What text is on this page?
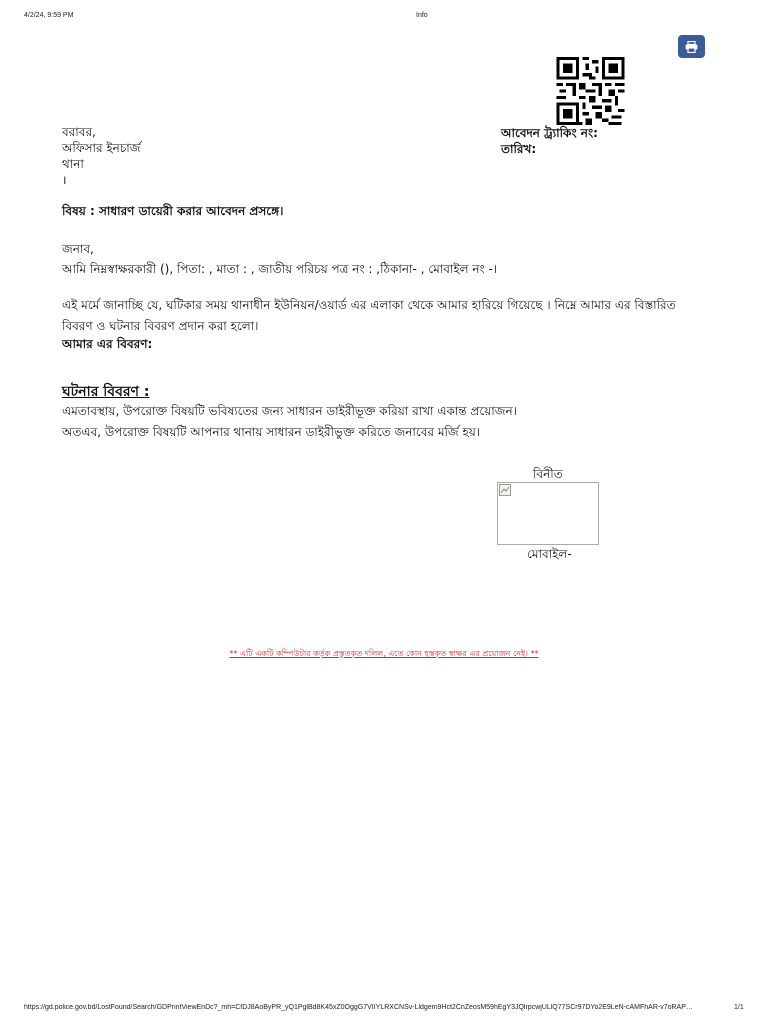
4/2/24, 9:59 PM	Info
বরাবর,
অফিসার ইনচার্জ
থানা
।
আবেদন ট্র্যাকিং নং:
তারিখ:
বিষয় : সাধারণ ডায়েরী করার আবেদন প্রসঙ্গে।
জনাব,
আমি নিম্নস্বাক্ষরকারী (), পিতা: , মাতা : , জাতীয় পরিচয় পত্র নং : ,ঠিকানা- , মোবাইল নং -।
এই মর্মে জানাচ্ছি যে, ঘটিকার সময় থানাধীন ইউনিয়ন/ওয়ার্ড এর এলাকা থেকে আমার হারিয়ে গিয়েছে । নিম্নে আমার এর বিস্তারিত
বিবরণ ও ঘটনার বিবরণ প্রদান করা হলো।
আমার এর বিবরণ:
ঘটনার বিবরণ :
এমতাবস্থায়, উপরোক্ত বিষয়টি ভবিষ্যতের জন্য সাধারন ডাইরীভূক্ত করিয়া রাখা একান্ত প্রয়োজন।
অতএব, উপরোক্ত বিষয়টি আপনার থানায় সাধারন ডাইরীভুক্ত করিতে জনাবের মর্জি হয়।
বিনীত
মোবাইল-
** এটি একটি কম্পিউটার কর্তৃক প্রস্তুতকৃত দলিল, এতে কোন হস্তকৃত স্বাক্ষর এর প্রয়োজন নেই। **
https://gd.police.gov.bd/LostFound/Search/GDPrintViewEnDc?_mh=CfDJ8AoByPR_yQ1PglBd8K45xZ0OggG7VIIYLRXCNSv-Lldgem9Hct2CnZeosM59hEgY3JQlrpcwjULlQ77SCr97DYo2E9LeN-cAMFhAR-v7oRAP…	1/1
